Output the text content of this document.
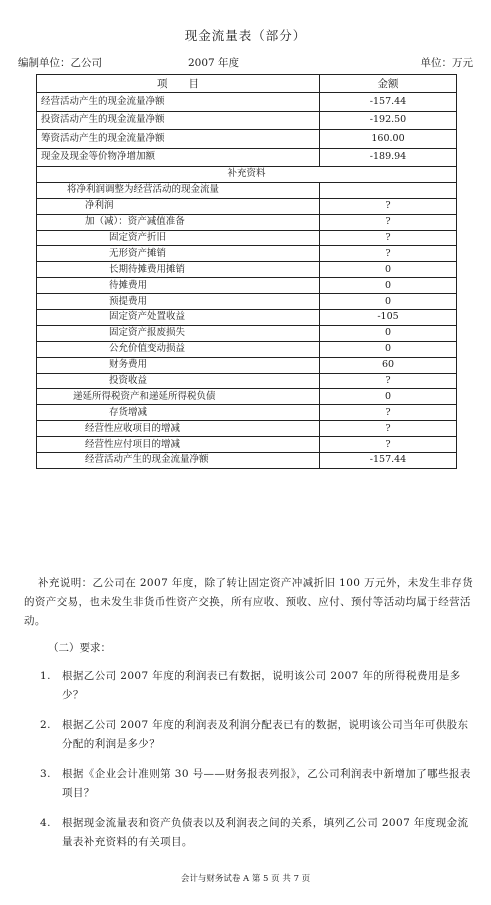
现金流量表（部分）
编制单位：乙公司	2007 年度	单位：万元
项　　目	金额
经营活动产生的现金流量净额	-157.44
投资活动产生的现金流量净额	-192.50
筹资活动产生的现金流量净额	160.00
现金及现金等价物净增加额	-189.94
补充资料	
将净利润调整为经营活动的现金流量	
净利润	?
加（减）：资产减值准备	?
固定资产折旧	?
无形资产摊销	?
长期待摊费用摊销	0
待摊费用	0
预提费用	0
固定资产处置收益	-105
固定资产报废损失	0
公允价值变动损益	0
财务费用	60
投资收益	?
递延所得税资产和递延所得税负债	0
存货增减	?
经营性应收项目的增减	?
经营性应付项目的增减	?
经营活动产生的现金流量净额	-157.44
补充说明：乙公司在 2007 年度，除了转让固定资产冲减折旧 100 万元外，未发生非存货的资产交易，也未发生非货币性资产交换，所有应收、预收、应付、预付等活动均属于经营活动。
（二）要求：
1. 根据乙公司 2007 年度的利润表已有数据，说明该公司 2007 年的所得税费用是多少？
2. 根据乙公司 2007 年度的利润表及利润分配表已有的数据，说明该公司当年可供股东分配的利润是多少？
3. 根据《企业会计准则第 30 号——财务报表列报》，乙公司利润表中新增加了哪些报表项目？
4. 根据现金流量表和资产负债表以及利润表之间的关系，填列乙公司 2007 年度现金流量表补充资料的有关项目。
会计与财务试卷 A 第 5 页 共 7 页
